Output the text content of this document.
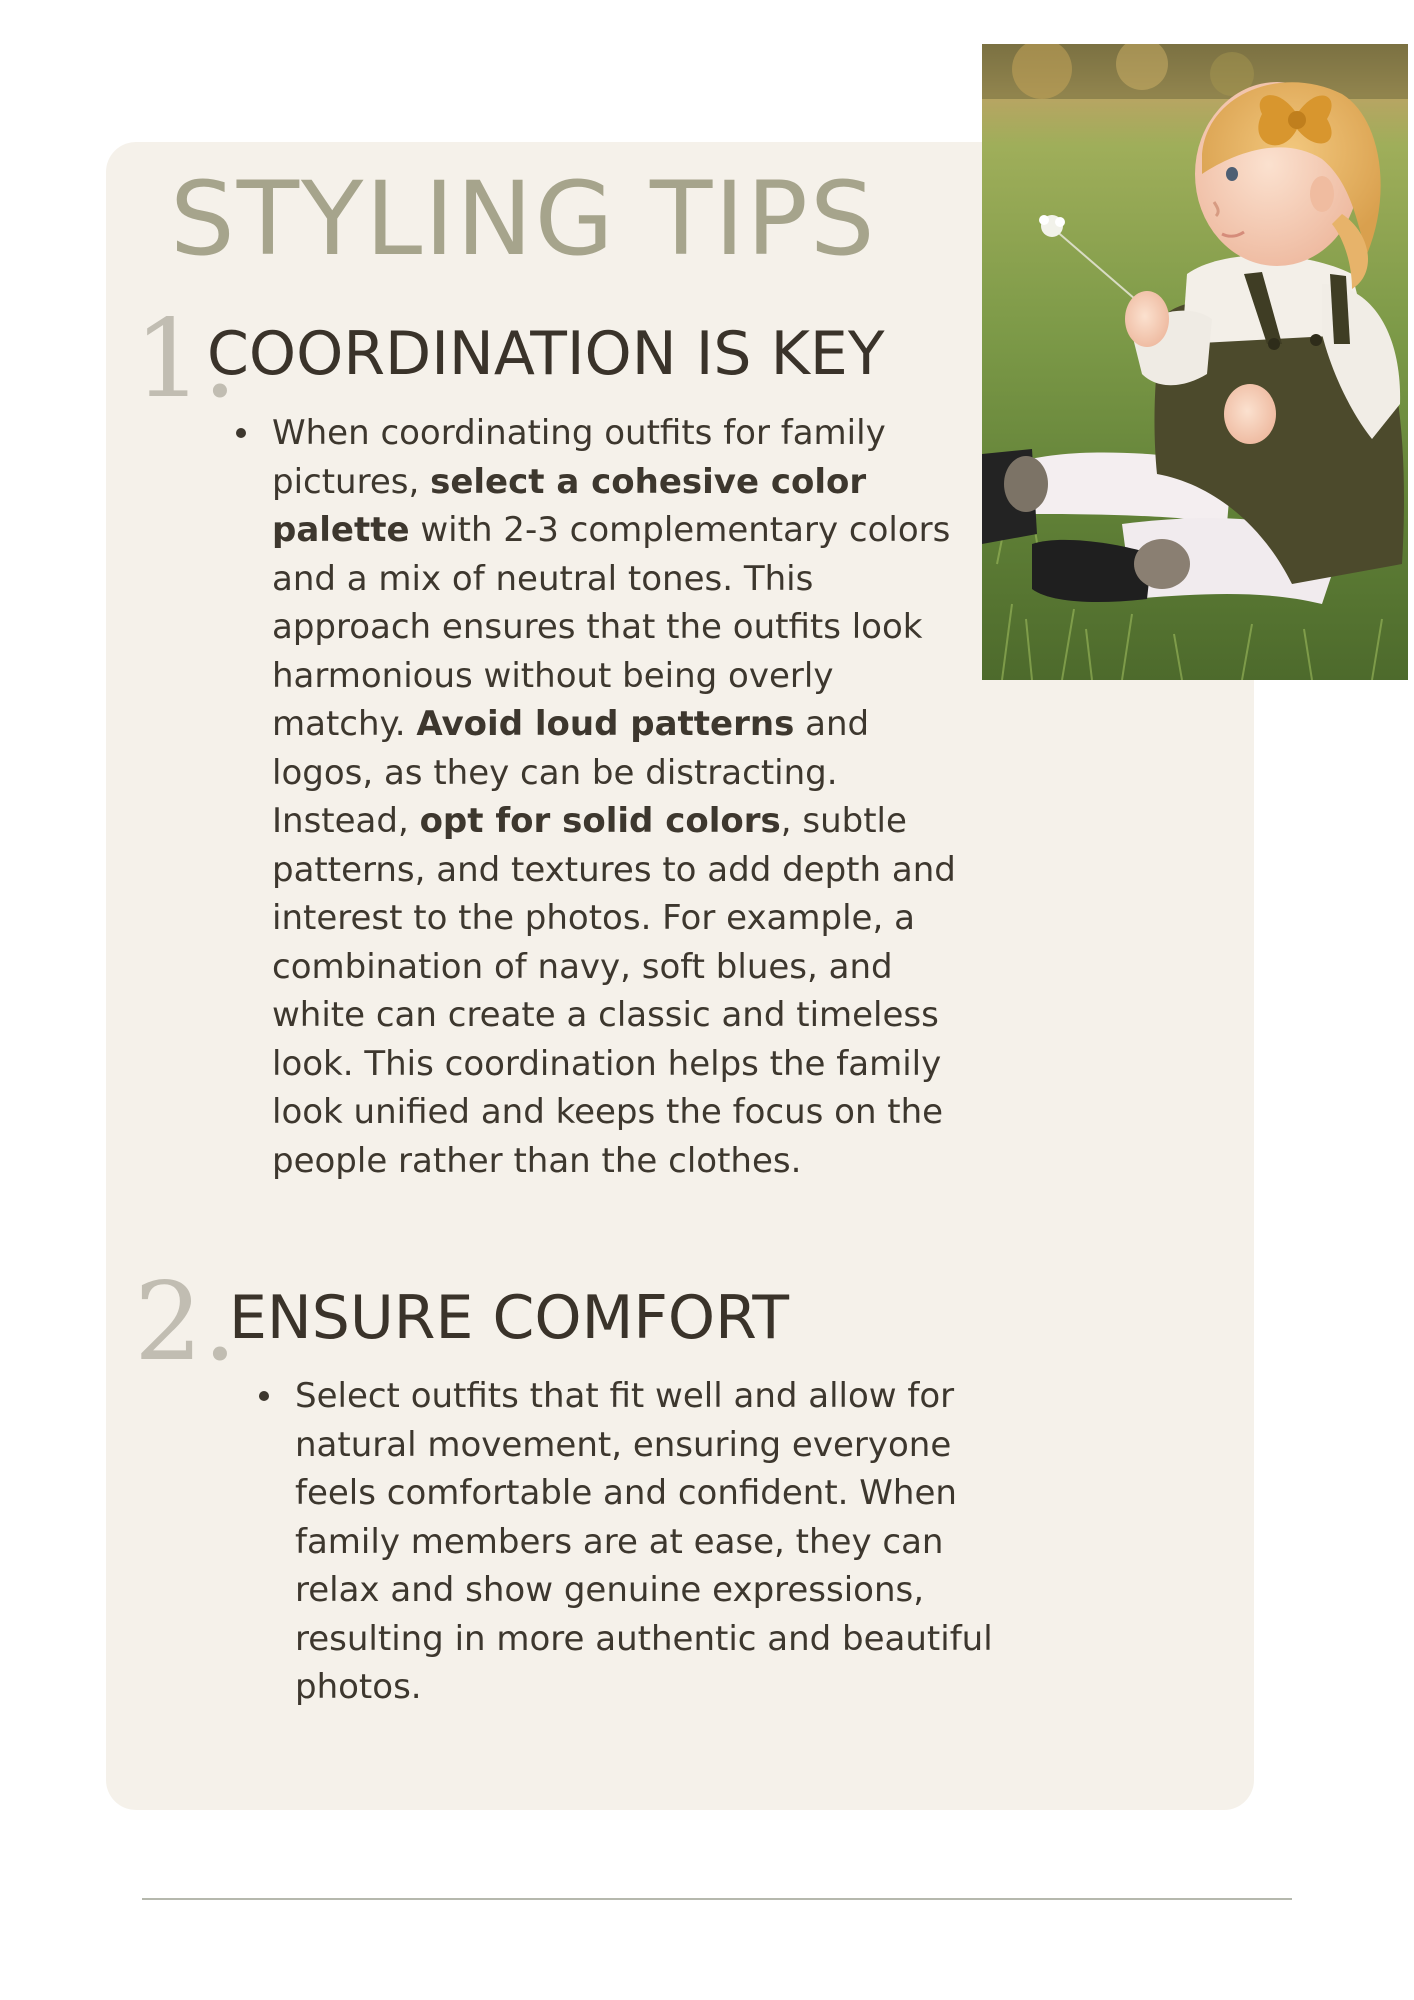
STYLING TIPS
1.
COORDINATION IS KEY
When coordinating outfits for family pictures, select a cohesive color palette with 2-3 complementary colors and a mix of neutral tones. This approach ensures that the outfits look harmonious without being overly matchy. Avoid loud patterns and logos, as they can be distracting. Instead, opt for solid colors, subtle patterns, and textures to add depth and interest to the photos. For example, a combination of navy, soft blues, and white can create a classic and timeless look. This coordination helps the family look unified and keeps the focus on the people rather than the clothes.
2.
ENSURE COMFORT
Select outfits that fit well and allow for natural movement, ensuring everyone feels comfortable and confident. When family members are at ease, they can relax and show genuine expressions, resulting in more authentic and beautiful photos.
